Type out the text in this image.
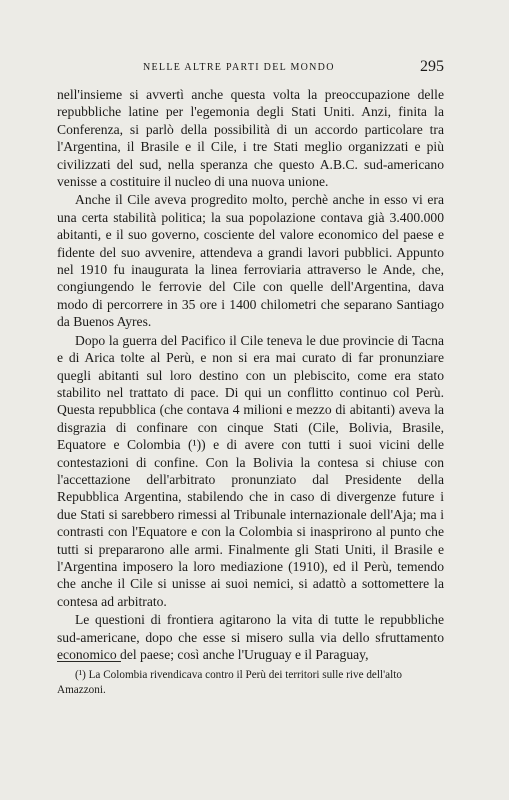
NELLE ALTRE PARTI DEL MONDO	295

nell'insieme si avvertì anche questa volta la preoccupazione delle repubbliche latine per l'egemonia degli Stati Uniti. Anzi, finita la Conferenza, si parlò della possibilità di un accordo particolare tra l'Argentina, il Brasile e il Cile, i tre Stati meglio organizzati e più civilizzati del sud, nella speranza che questo A.B.C. sud-americano venisse a costituire il nucleo di una nuova unione.

Anche il Cile aveva progredito molto, perchè anche in esso vi era una certa stabilità politica; la sua popolazione contava già 3.400.000 abitanti, e il suo governo, cosciente del valore economico del paese e fidente del suo avvenire, attendeva a grandi lavori pubblici. Appunto nel 1910 fu inaugurata la linea ferroviaria attraverso le Ande, che, congiungendo le ferrovie del Cile con quelle dell'Argentina, dava modo di percorrere in 35 ore i 1400 chilometri che separano Santiago da Buenos Ayres.

Dopo la guerra del Pacifico il Cile teneva le due provincie di Tacna e di Arica tolte al Perù, e non si era mai curato di far pronunziare quegli abitanti sul loro destino con un plebiscito, come era stato stabilito nel trattato di pace. Di qui un conflitto continuo col Perù. Questa repubblica (che contava 4 milioni e mezzo di abitanti) aveva la disgrazia di confinare con cinque Stati (Cile, Bolivia, Brasile, Equatore e Colombia (¹)) e di avere con tutti i suoi vicini delle contestazioni di confine. Con la Bolivia la contesa si chiuse con l'accettazione dell'arbitrato pronunziato dal Presidente della Repubblica Argentina, stabilendo che in caso di divergenze future i due Stati si sarebbero rimessi al Tribunale internazionale dell'Aja; ma i contrasti con l'Equatore e con la Colombia si inasprirono al punto che tutti si prepararono alle armi. Finalmente gli Stati Uniti, il Brasile e l'Argentina imposero la loro mediazione (1910), ed il Perù, temendo che anche il Cile si unisse ai suoi nemici, si adattò a sottomettere la contesa ad arbitrato.

Le questioni di frontiera agitarono la vita di tutte le repubbliche sud-americane, dopo che esse si misero sulla via dello sfruttamento economico del paese; così anche l'Uruguay e il Paraguay,

(¹) La Colombia rivendicava contro il Perù dei territori sulle rive dell'alto Amazzoni.
